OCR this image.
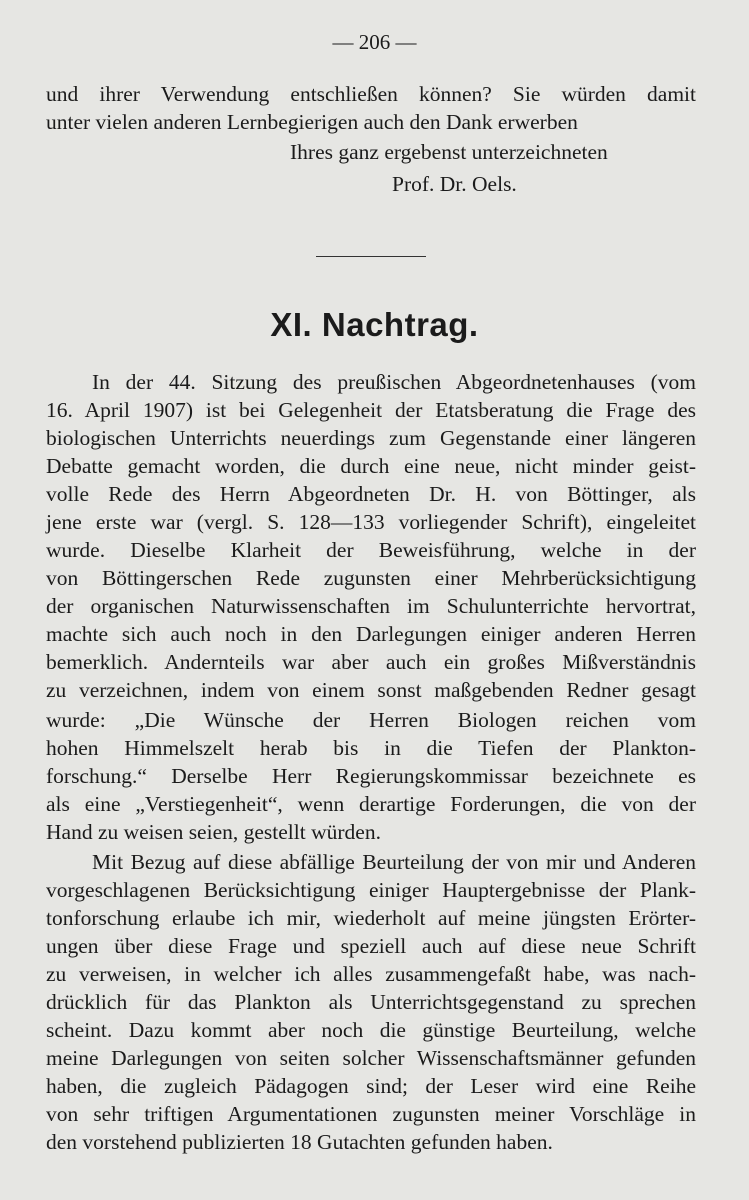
— 206 —
und ihrer Verwendung entschließen können? Sie würden damit
unter vielen anderen Lernbegierigen auch den Dank erwerben
Ihres ganz ergebenst unterzeichneten
Prof. Dr. Oels.
XI. Nachtrag.
In der 44. Sitzung des preußischen Abgeordnetenhauses (vom
16. April 1907) ist bei Gelegenheit der Etatsberatung die Frage des
biologischen Unterrichts neuerdings zum Gegenstande einer längeren
Debatte gemacht worden, die durch eine neue, nicht minder geist-
volle Rede des Herrn Abgeordneten Dr. H. von Böttinger, als
jene erste war (vergl. S. 128—133 vorliegender Schrift), eingeleitet
wurde. Dieselbe Klarheit der Beweisführung, welche in der
von Böttingerschen Rede zugunsten einer Mehrberücksichtigung
der organischen Naturwissenschaften im Schulunterrichte hervortrat,
machte sich auch noch in den Darlegungen einiger anderen Herren
bemerklich. Andernteils war aber auch ein großes Mißverständnis
zu verzeichnen, indem von einem sonst maßgebenden Redner gesagt
wurde: „Die Wünsche der Herren Biologen reichen vom
hohen Himmelszelt herab bis in die Tiefen der Plankton-
forschung.“ Derselbe Herr Regierungskommissar bezeichnete es
als eine „Verstiegenheit“, wenn derartige Forderungen, die von der
Hand zu weisen seien, gestellt würden.
Mit Bezug auf diese abfällige Beurteilung der von mir und Anderen
vorgeschlagenen Berücksichtigung einiger Hauptergebnisse der Plank-
tonforschung erlaube ich mir, wiederholt auf meine jüngsten Erörter-
ungen über diese Frage und speziell auch auf diese neue Schrift
zu verweisen, in welcher ich alles zusammengefaßt habe, was nach-
drücklich für das Plankton als Unterrichtsgegenstand zu sprechen
scheint. Dazu kommt aber noch die günstige Beurteilung, welche
meine Darlegungen von seiten solcher Wissenschaftsmänner gefunden
haben, die zugleich Pädagogen sind; der Leser wird eine Reihe
von sehr triftigen Argumentationen zugunsten meiner Vorschläge in
den vorstehend publizierten 18 Gutachten gefunden haben.
